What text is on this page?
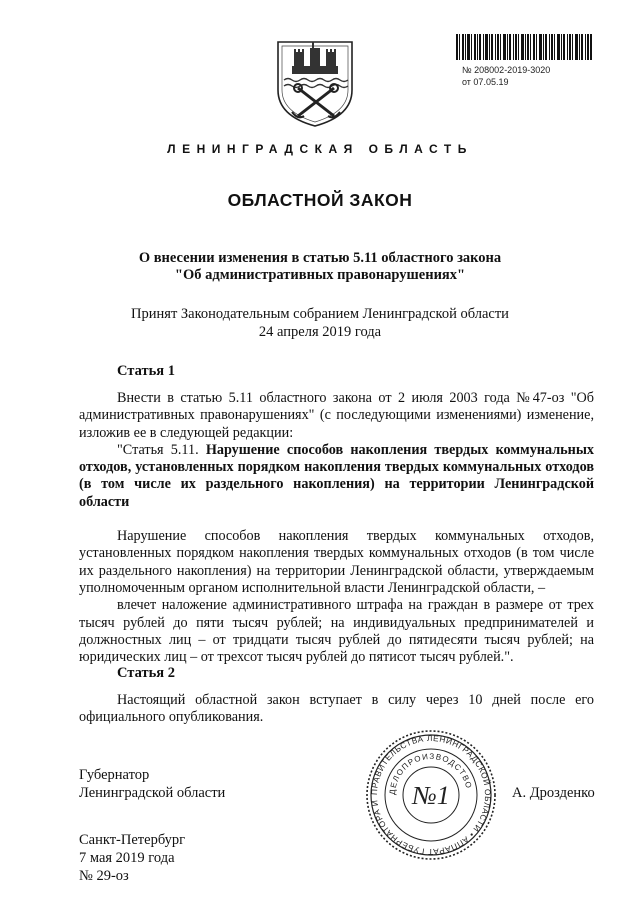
№ 208002-2019-3020
от 07.05.19
ЛЕНИНГРАДСКАЯ ОБЛАСТЬ
ОБЛАСТНОЙ ЗАКОН
О внесении изменения в статью 5.11 областного закона
"Об административных правонарушениях"
Принят Законодательным собранием Ленинградской области
24 апреля 2019 года
Статья 1

Внести в статью 5.11 областного закона от 2 июля 2003 года №47-оз "Об административных правонарушениях" (с последующими изменениями) изменение, изложив ее в следующей редакции:

"Статья 5.11. Нарушение способов накопления твердых коммунальных отходов, установленных порядком накопления твердых коммунальных отходов (в том числе их раздельного накопления) на территории Ленинградской области

Нарушение способов накопления твердых коммунальных отходов, установленных порядком накопления твердых коммунальных отходов (в том числе их раздельного накопления) на территории Ленинградской области, утверждаемым уполномоченным органом исполнительной власти Ленинградской области, –

влечет наложение административного штрафа на граждан в размере от трех тысяч рублей до пяти тысяч рублей; на индивидуальных предпринимателей и должностных лиц – от тридцати тысяч рублей до пятидесяти тысяч рублей; на юридических лиц – от трехсот тысяч рублей до пятисот тысяч рублей.".

Статья 2

Настоящий областной закон вступает в силу через 10 дней после его официального опубликования.

Губернатор
Ленинградской области	ПРАВИТЕЛЬСТВА ЛЕНИНГРАДСКОЙ ОБЛАСТИ • АППАРАТ ГУБЕРНАТОРА И
ДЕЛОПРОИЗВОДСТВО
№1	А. Дрозденко
Санкт-Петербург
7 мая 2019 года
№ 29-оз
